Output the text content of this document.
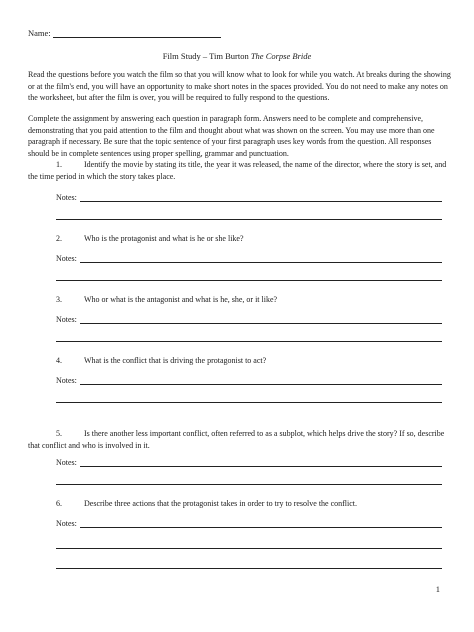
Name:
Film Study – Tim Burton The Corpse Bride
Read the questions before you watch the film so that you will know what to look for while you watch. At breaks during the showing or at the film's end, you will have an opportunity to make short notes in the spaces provided. You do not need to make any notes on the worksheet, but after the film is over, you will be required to fully respond to the questions.
Complete the assignment by answering each question in paragraph form. Answers need to be complete and comprehensive, demonstrating that you paid attention to the film and thought about what was shown on the screen. You may use more than one paragraph if necessary. Be sure that the topic sentence of your first paragraph uses key words from the question. All responses should be in complete sentences using proper spelling, grammar and punctuation.
1.	Identify the movie by stating its title, the year it was released, the name of the director, where the story is set, and the time period in which the story takes place.
Notes:
2.	Who is the protagonist and what is he or she like?
Notes:
3.	Who or what is the antagonist and what is he, she, or it like?
Notes:
4.	What is the conflict that is driving the protagonist to act?
Notes:
5.	Is there another less important conflict, often referred to as a subplot, which helps drive the story? If so, describe that conflict and who is involved in it.
Notes:
6.	Describe three actions that the protagonist takes in order to try to resolve the conflict.
Notes:
1
